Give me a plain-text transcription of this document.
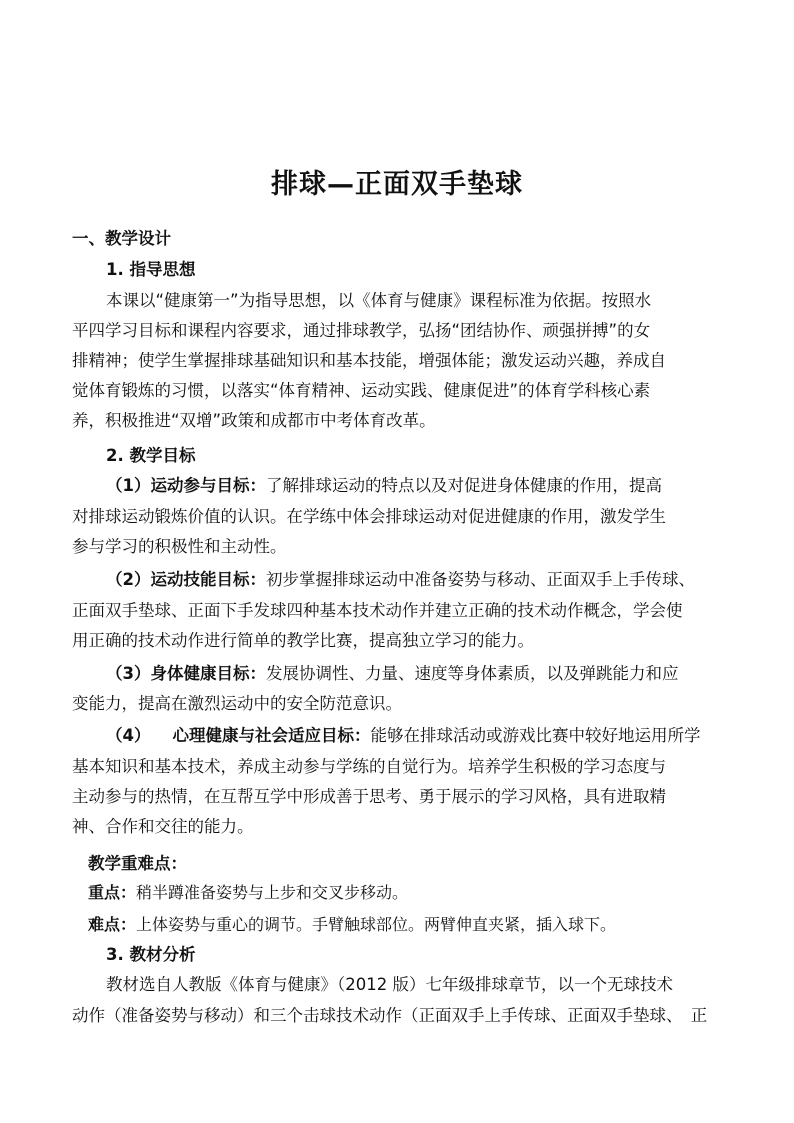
排球—正面双手垫球
一、教学设计
1. 指导思想
本课以“健康第一”为指导思想，以《体育与健康》课程标准为依据。按照水
平四学习目标和课程内容要求，通过排球教学，弘扬“团结协作、顽强拼搏”的女
排精神；使学生掌握排球基础知识和基本技能，增强体能；激发运动兴趣，养成自
觉体育锻炼的习惯，以落实“体育精神、运动实践、健康促进”的体育学科核心素
养，积极推进“双增”政策和成都市中考体育改革。
2. 教学目标
（1）运动参与目标：了解排球运动的特点以及对促进身体健康的作用，提高
对排球运动锻炼价值的认识。在学练中体会排球运动对促进健康的作用，激发学生
参与学习的积极性和主动性。
（2）运动技能目标：初步掌握排球运动中准备姿势与移动、正面双手上手传球、
正面双手垫球、正面下手发球四种基本技术动作并建立正确的技术动作概念，学会使
用正确的技术动作进行简单的教学比赛，提高独立学习的能力。
（3）身体健康目标：发展协调性、力量、速度等身体素质，以及弹跳能力和应
变能力，提高在激烈运动中的安全防范意识。
（4） 心理健康与社会适应目标：能够在排球活动或游戏比赛中较好地运用所学
基本知识和基本技术，养成主动参与学练的自觉行为。培养学生积极的学习态度与
主动参与的热情，在互帮互学中形成善于思考、勇于展示的学习风格，具有进取精
神、合作和交往的能力。
教学重难点：
重点：稍半蹲准备姿势与上步和交叉步移动。
难点：上体姿势与重心的调节。手臂触球部位。两臂伸直夹紧，插入球下。
3. 教材分析
教材选自人教版《体育与健康》（2012 版）七年级排球章节，以一个无球技术
动作（准备姿势与移动）和三个击球技术动作（正面双手上手传球、正面双手垫球、　正
